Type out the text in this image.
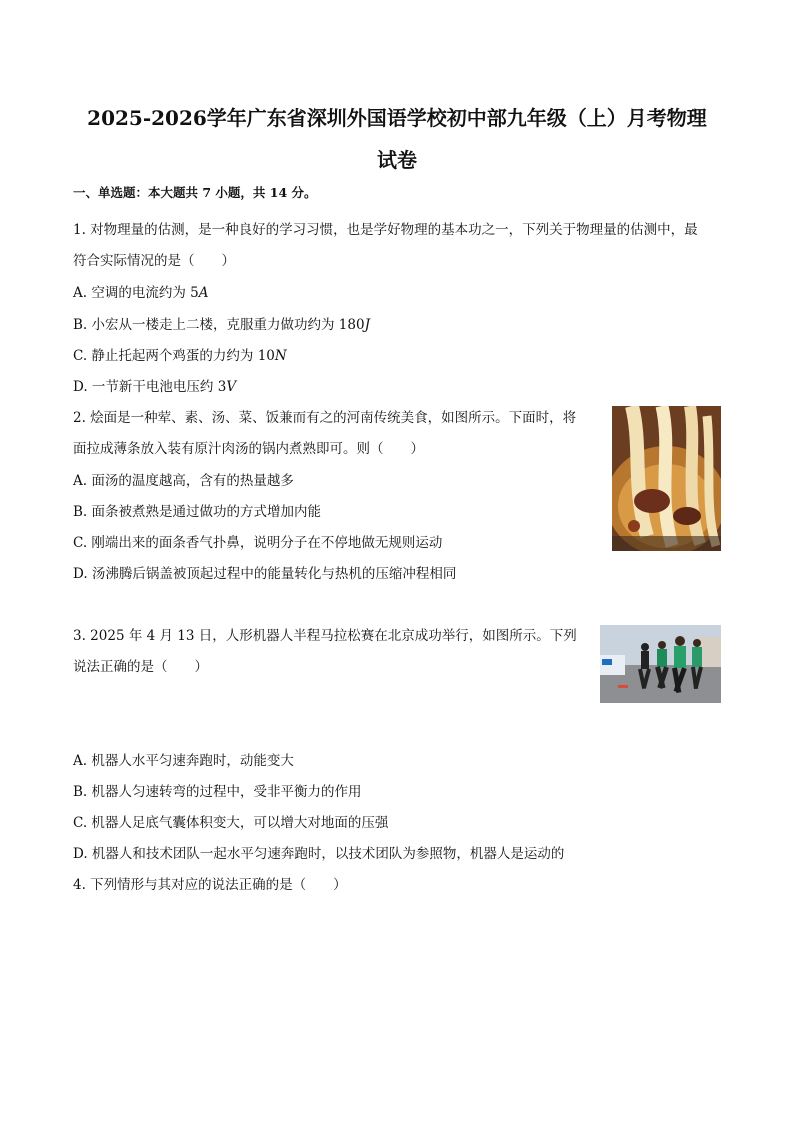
2025-2026学年广东省深圳外国语学校初中部九年级（上）月考物理
试卷
一、单选题：本大题共 7 小题，共 14 分。
1. 对物理量的估测，是一种良好的学习习惯，也是学好物理的基本功之一，下列关于物理量的估测中，最
符合实际情况的是（　　）
A. 空调的电流约为 5A
B. 小宏从一楼走上二楼，克服重力做功约为 180J
C. 静止托起两个鸡蛋的力约为 10N
D. 一节新干电池电压约 3V
2. 烩面是一种荤、素、汤、菜、饭兼而有之的河南传统美食，如图所示。下面时，将
面拉成薄条放入装有原汁肉汤的锅内煮熟即可。则（　　）
A. 面汤的温度越高，含有的热量越多
B. 面条被煮熟是通过做功的方式增加内能
C. 刚端出来的面条香气扑鼻，说明分子在不停地做无规则运动
D. 汤沸腾后锅盖被顶起过程中的能量转化与热机的压缩冲程相同
3. 2025 年 4 月 13 日，人形机器人半程马拉松赛在北京成功举行，如图所示。下列
说法正确的是（　　）
A. 机器人水平匀速奔跑时，动能变大
B. 机器人匀速转弯的过程中，受非平衡力的作用
C. 机器人足底气囊体积变大，可以增大对地面的压强
D. 机器人和技术团队一起水平匀速奔跑时，以技术团队为参照物，机器人是运动的
4. 下列情形与其对应的说法正确的是（　　）
